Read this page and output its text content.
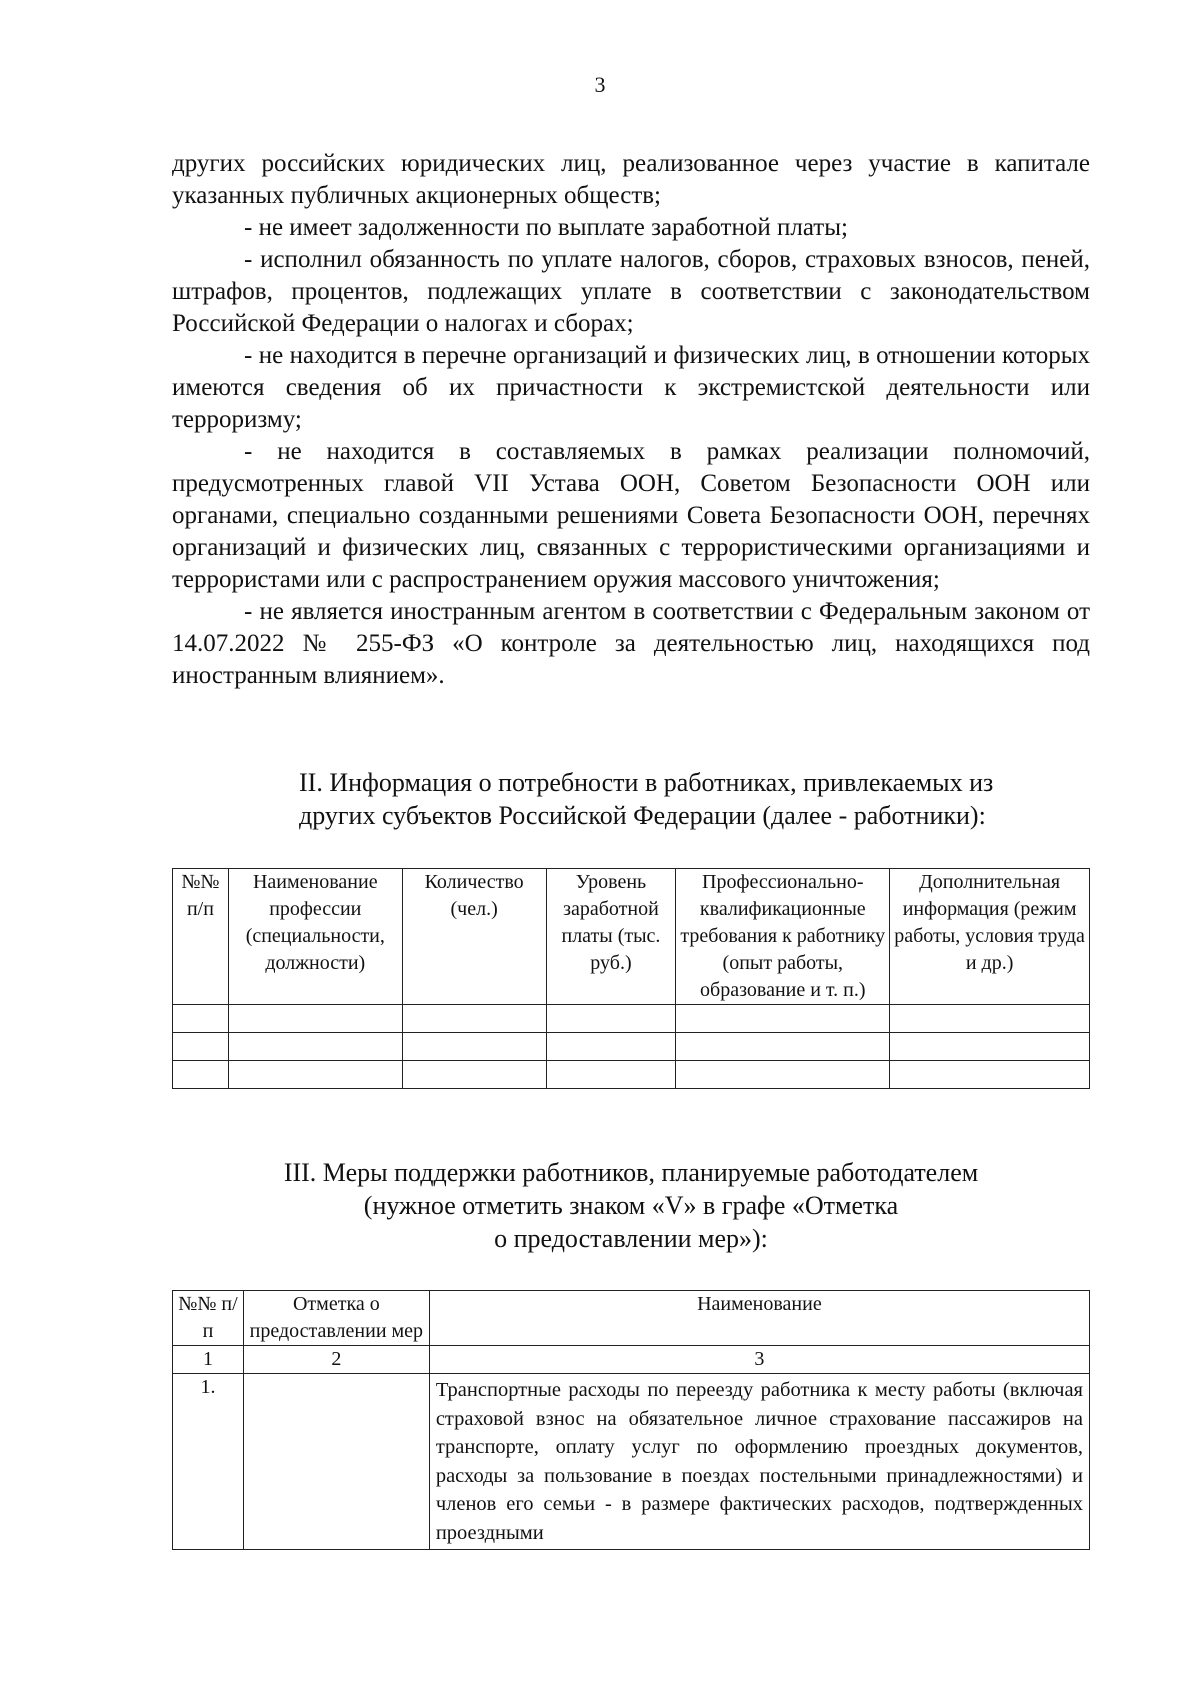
3

других российских юридических лиц, реализованное через участие в капитале указанных публичных акционерных обществ;

- не имеет задолженности по выплате заработной платы;

- исполнил обязанность по уплате налогов, сборов, страховых взносов, пеней, штрафов, процентов, подлежащих уплате в соответствии с законодательством Российской Федерации о налогах и сборах;

- не находится в перечне организаций и физических лиц, в отношении которых имеются сведения об их причастности к экстремистской деятельности или терроризму;

- не находится в составляемых в рамках реализации полномочий, предусмотренных главой VII Устава ООН, Советом Безопасности ООН или органами, специально созданными решениями Совета Безопасности ООН, перечнях организаций и физических лиц, связанных с террористическими организациями и террористами или с распространением оружия массового уничтожения;

- не является иностранным агентом в соответствии с Федеральным законом от 14.07.2022 № 255-ФЗ «О контроле за деятельностью лиц, находящихся под иностранным влиянием».

II. Информация о потребности в работниках, привлекаемых из
других субъектов Российской Федерации (далее - работники):
№№ п/п	Наименование профессии (специальности, должности)	Количество (чел.)	Уровень заработной платы (тыс. руб.)	Профессионально-квалификационные требования к работнику (опыт работы, образование и т. п.)	Дополнительная информация (режим работы, условия труда и др.)

III. Меры поддержки работников, планируемые работодателем
(нужное отметить знаком «V» в графе «Отметка
о предоставлении мер»):
№№ п/п	Отметка о предоставлении мер	Наименование
1	2	3
1.		Транспортные расходы по переезду работника к месту работы (включая страховой взнос на обязательное личное страхование пассажиров на транспорте, оплату услуг по оформлению проездных документов, расходы за пользование в поездах постельными принадлежностями) и членов его семьи - в размере фактических расходов, подтвержденных проездными
